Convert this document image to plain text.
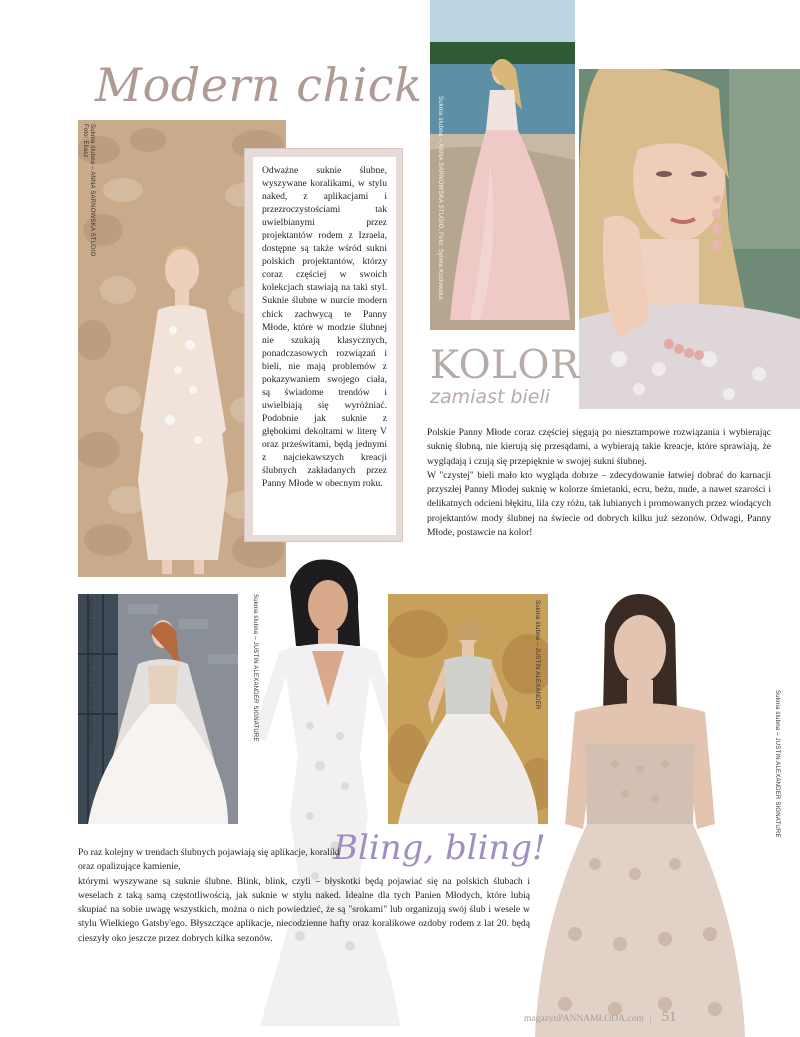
Suknia ślubna – ANNA SARNOWSKA STUDIO
Foto: Eliasz
Modern chick
Odważne suknie ślubne, wyszywane koralikami, w stylu naked, z aplikacjami i przezroczystościami tak uwielbianymi przez projektantów rodem z Izraela, dostępne są także wśród sukni polskich projektantów, którzy coraz częściej w swoich kolekcjach stawiają na taki styl. Suknie ślubne w nurcie modern chick zachwycą te Panny Młode, które w modzie ślubnej nie szukają klasycznych, ponadczasowych rozwiązań i bieli, nie mają problemów z pokazywaniem swojego ciała, są świadome trendów i uwielbiają się wyróżniać. Podobnie jak suknie z głębokimi dekoltami w literę V oraz prześwitami, będą jednymi z najciekawszych kreacji ślubnych zakładanych przez Panny Młode w obecnym roku.
Suknia ślubna – ANNA SARNOWSKA STUDIO, Foto: Sylwia Kozłowska
KOLOR
zamiast bieli

Polskie Panny Młode coraz częściej sięgają po niesztampowe rozwiązania i wybierając suknię ślubną, nie kierują się przesądami, a wybierają takie kreacje, które sprawiają, że wyglądają i czują się przepięknie w swojej sukni ślubnej.

W "czystej" bieli mało kto wygląda dobrze – zdecydowanie łatwiej dobrać do karnacji przyszłej Panny Młodej suknię w kolorze śmietanki, ecru, beżu, nude, a nawet szarości i delikatnych odcieni błękitu, lila czy różu, tak lubianych i promowanych przez wiodących projektantów mody ślubnej na świecie od dobrych kilku już sezonów. Odwagi, Panny Młode, postawcie na kolor!

Suknia ślubna – JUSTIN ALEXANDER SIGNATURE	Suknia ślubna – JUSTIN ALEXANDER SIGNATURE	Suknia ślubna – JUSTIN ALEXANDER
Suknia ślubna – JUSTIN ALEXANDER SIGNATURE
Bling, bling!
Po raz kolejny w trendach ślubnych pojawiają się aplikacje, koraliki oraz opalizujące kamienie,
którymi wyszywane są suknie ślubne. Blink, blink, czyli – błyskotki będą pojawiać się na polskich ślubach i weselach z taką samą częstotliwością, jak suknie w stylu naked. Idealne dla tych Panien Młodych, które lubią skupiać na sobie uwagę wszystkich, można o nich powiedzieć, że są "srokami" lub organizują swój ślub i wesele w stylu Wielkiego Gatsby'ego. Błyszczące aplikacje, niecodzienne hafty oraz koralikowe ozdoby rodem z lat 20. będą cieszyły oko jeszcze przez dobrych kilka sezonów.
magazynPANNAMŁODA.com | 51
